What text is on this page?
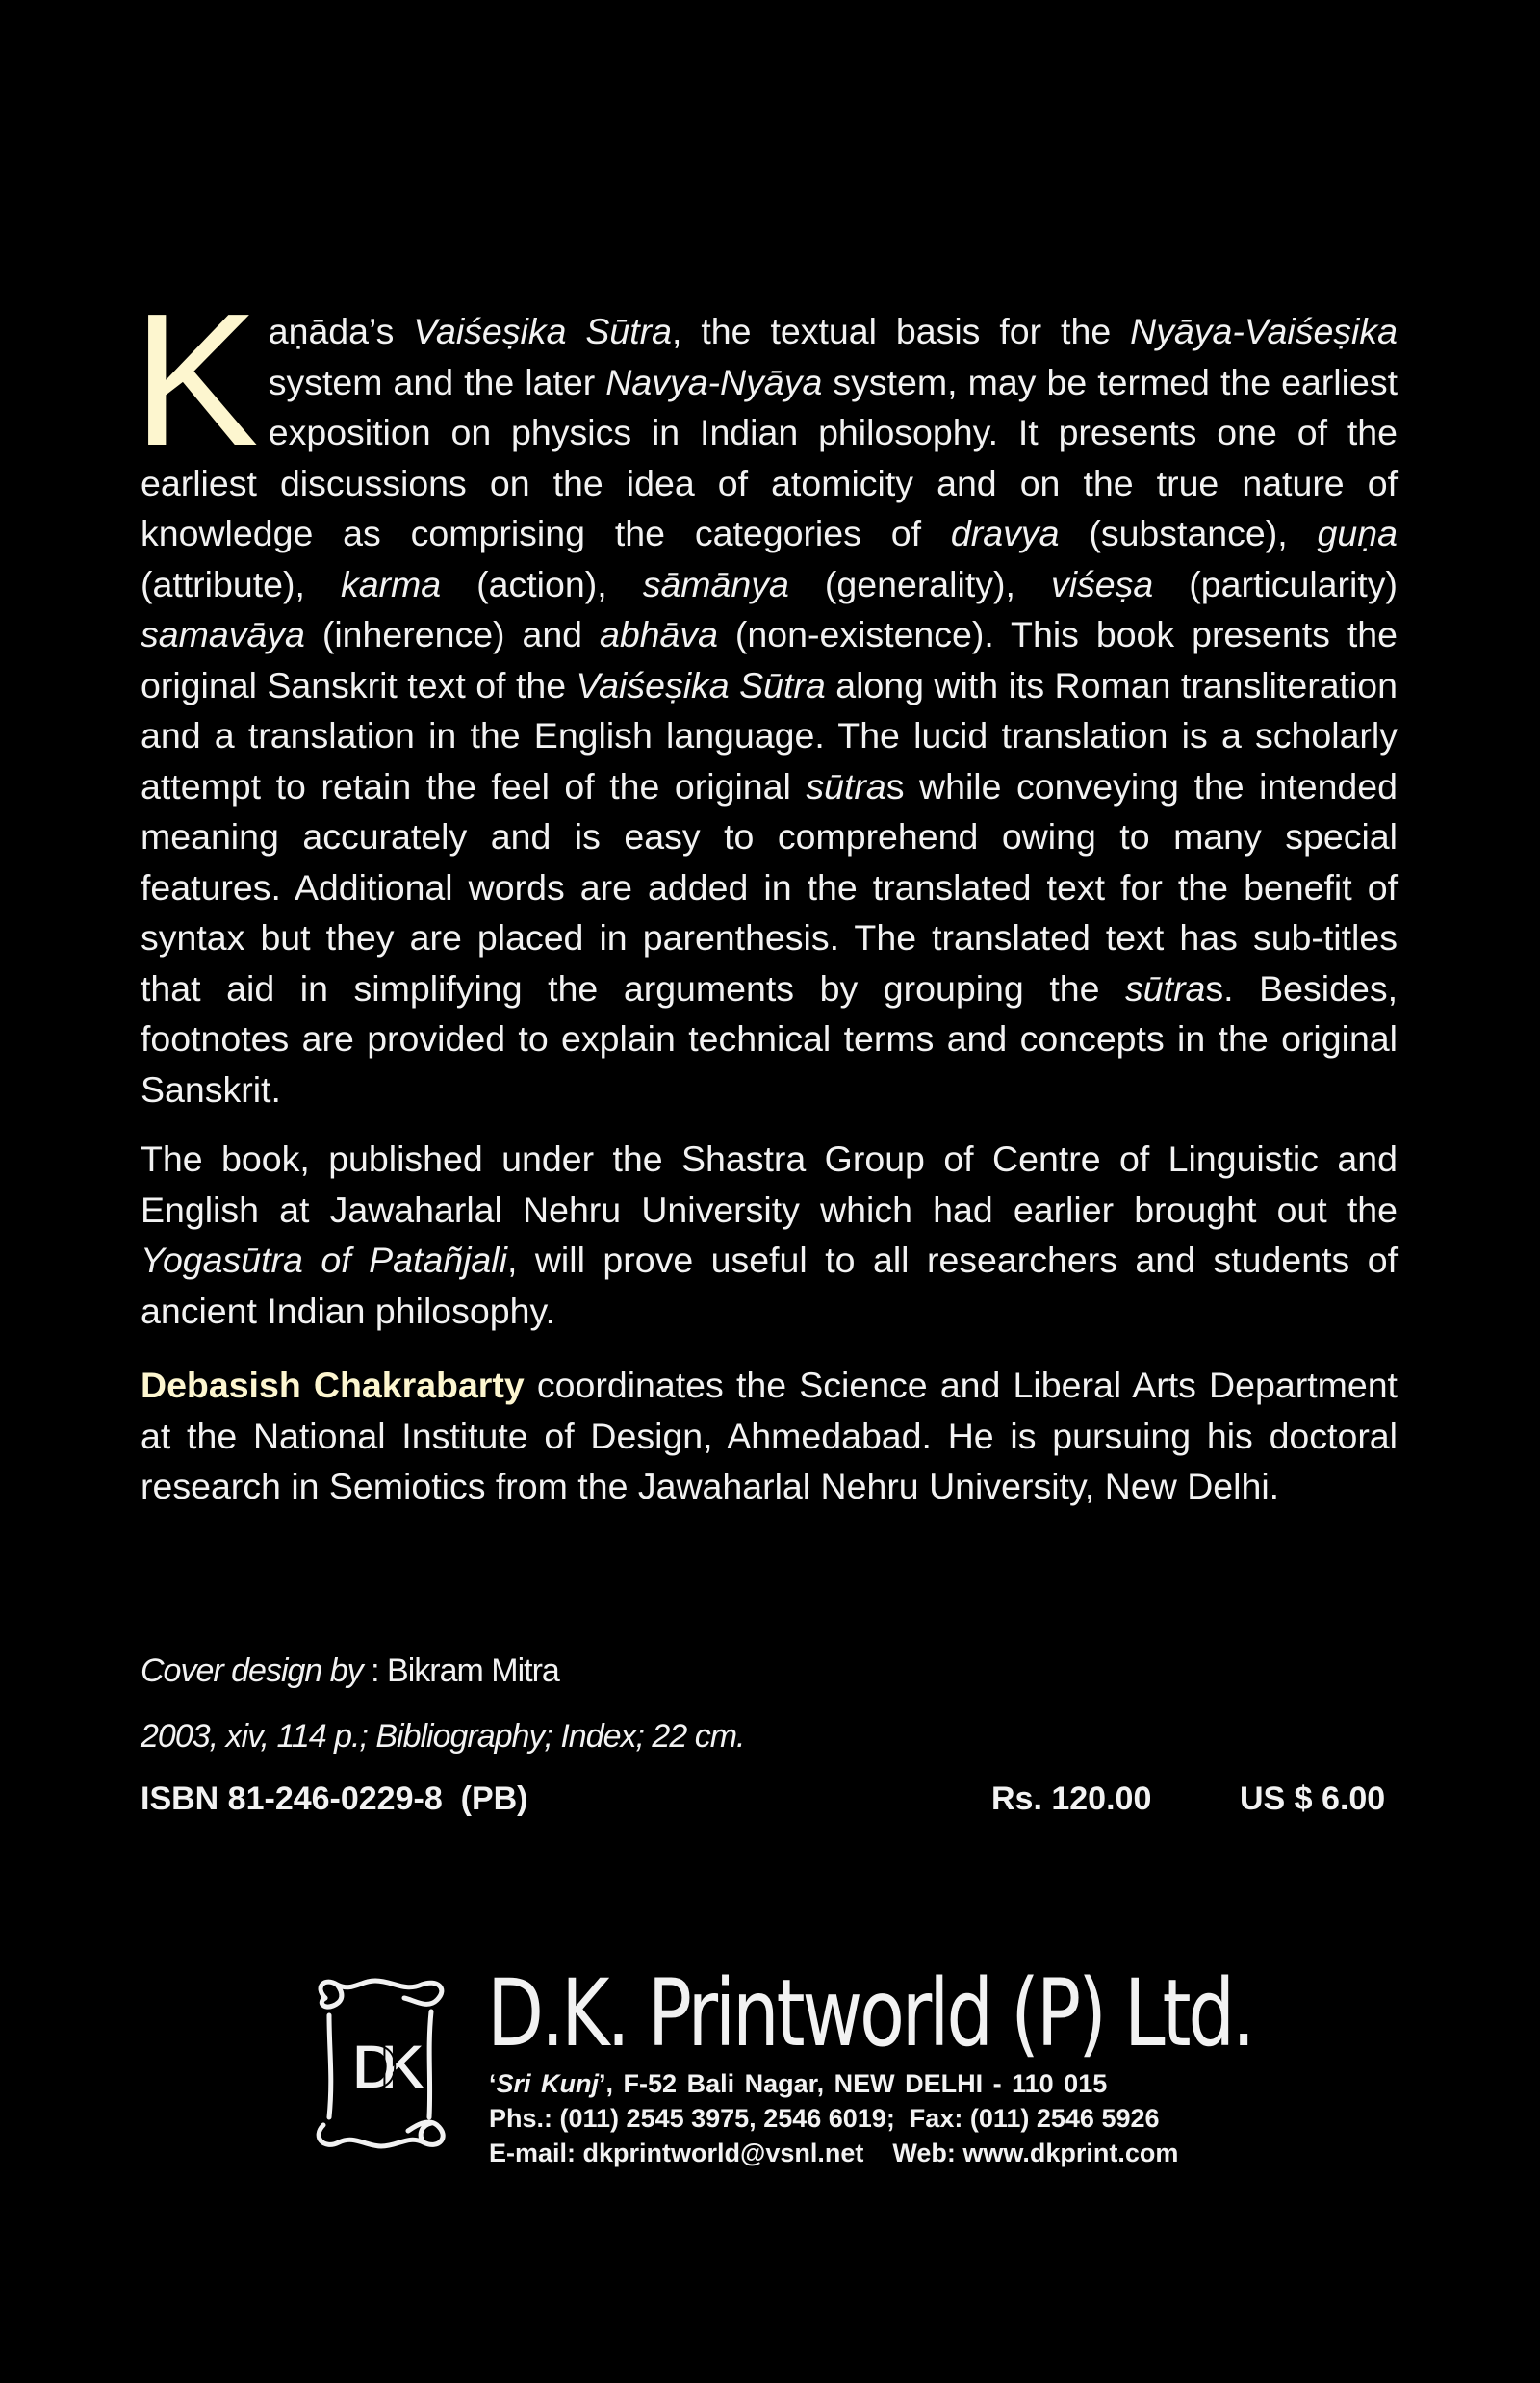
Kaṇāda’s Vaiśeṣika Sūtra, the textual basis for the Nyāya-Vaiśeṣika system and the later Navya-Nyāya system, may be termed the earliest exposition on physics in Indian philosophy. It presents one of the earliest discussions on the idea of atomicity and on the true nature of knowledge as comprising the categories of dravya (substance), guṇa (attribute), karma (action), sāmānya (generality), viśeṣa (particularity) samavāya (inherence) and abhāva (non-existence). This book presents the original Sanskrit text of the Vaiśeṣika Sūtra along with its Roman transliteration and a translation in the English language. The lucid translation is a scholarly attempt to retain the feel of the original sūtras while conveying the intended meaning accurately and is easy to comprehend owing to many special features. Additional words are added in the translated text for the benefit of syntax but they are placed in parenthesis. The translated text has sub-titles that aid in simplifying the arguments by grouping the sūtras. Besides, footnotes are provided to explain technical terms and concepts in the original Sanskrit.
The book, published under the Shastra Group of Centre of Linguistic and English at Jawaharlal Nehru University which had earlier brought out the Yogasūtra of Patañjali, will prove useful to all researchers and students of ancient Indian philosophy.
Debasish Chakrabarty coordinates the Science and Liberal Arts Department at the National Institute of Design, Ahmedabad. He is pursuing his doctoral research in Semiotics from the Jawaharlal Nehru University, New Delhi.
Cover design by : Bikram Mitra
2003, xiv, 114 p.; Bibliography; Index; 22 cm.
ISBN 81-246-0229-8  (PB)	Rs. 120.00	US $ 6.00
DK D.K. Printworld (P) Ltd.
‘Sri Kunj’, F-52 Bali Nagar, NEW DELHI - 110 015
Phs.: (011) 2545 3975, 2546 6019;  Fax: (011) 2546 5926
E-mail: dkprintworld@vsnl.net Web: www.dkprint.com
